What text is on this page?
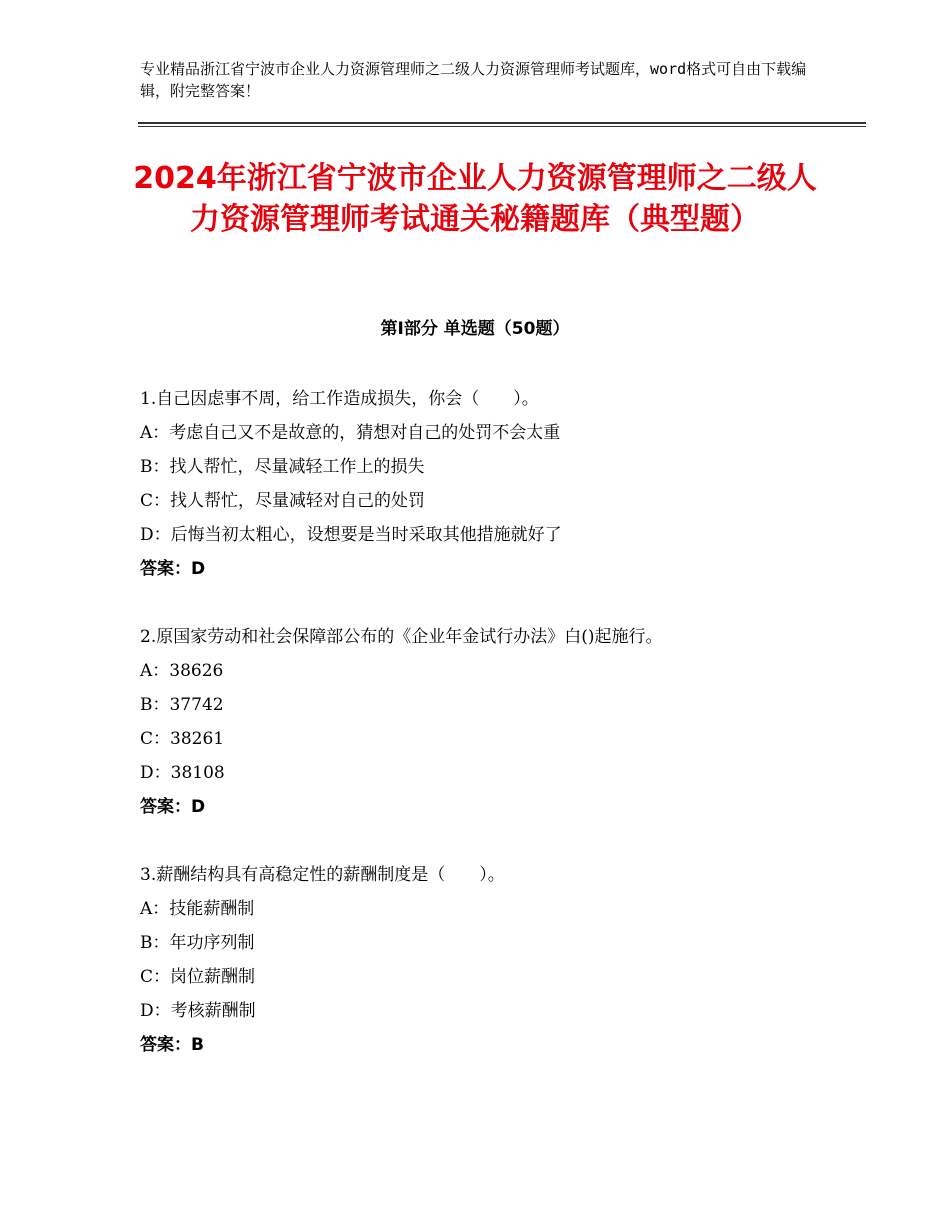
专业精品浙江省宁波市企业人力资源管理师之二级人力资源管理师考试题库，word格式可自由下载编辑，附完整答案！
2024年浙江省宁波市企业人力资源管理师之二级人力资源管理师考试通关秘籍题库（典型题）
第Ⅰ部分 单选题（50题）
1.自己因虑事不周，给工作造成损失，你会（　　）。
A：考虑自己又不是故意的，猜想对自己的处罚不会太重
B：找人帮忙，尽量减轻工作上的损失
C：找人帮忙，尽量减轻对自己的处罚
D：后悔当初太粗心，设想要是当时采取其他措施就好了
答案：D
2.原国家劳动和社会保障部公布的《企业年金试行办法》白()起施行。
A：38626
B：37742
C：38261
D：38108
答案：D
3.薪酬结构具有高稳定性的薪酬制度是（　　）。
A：技能薪酬制
B：年功序列制
C：岗位薪酬制
D：考核薪酬制
答案：B
